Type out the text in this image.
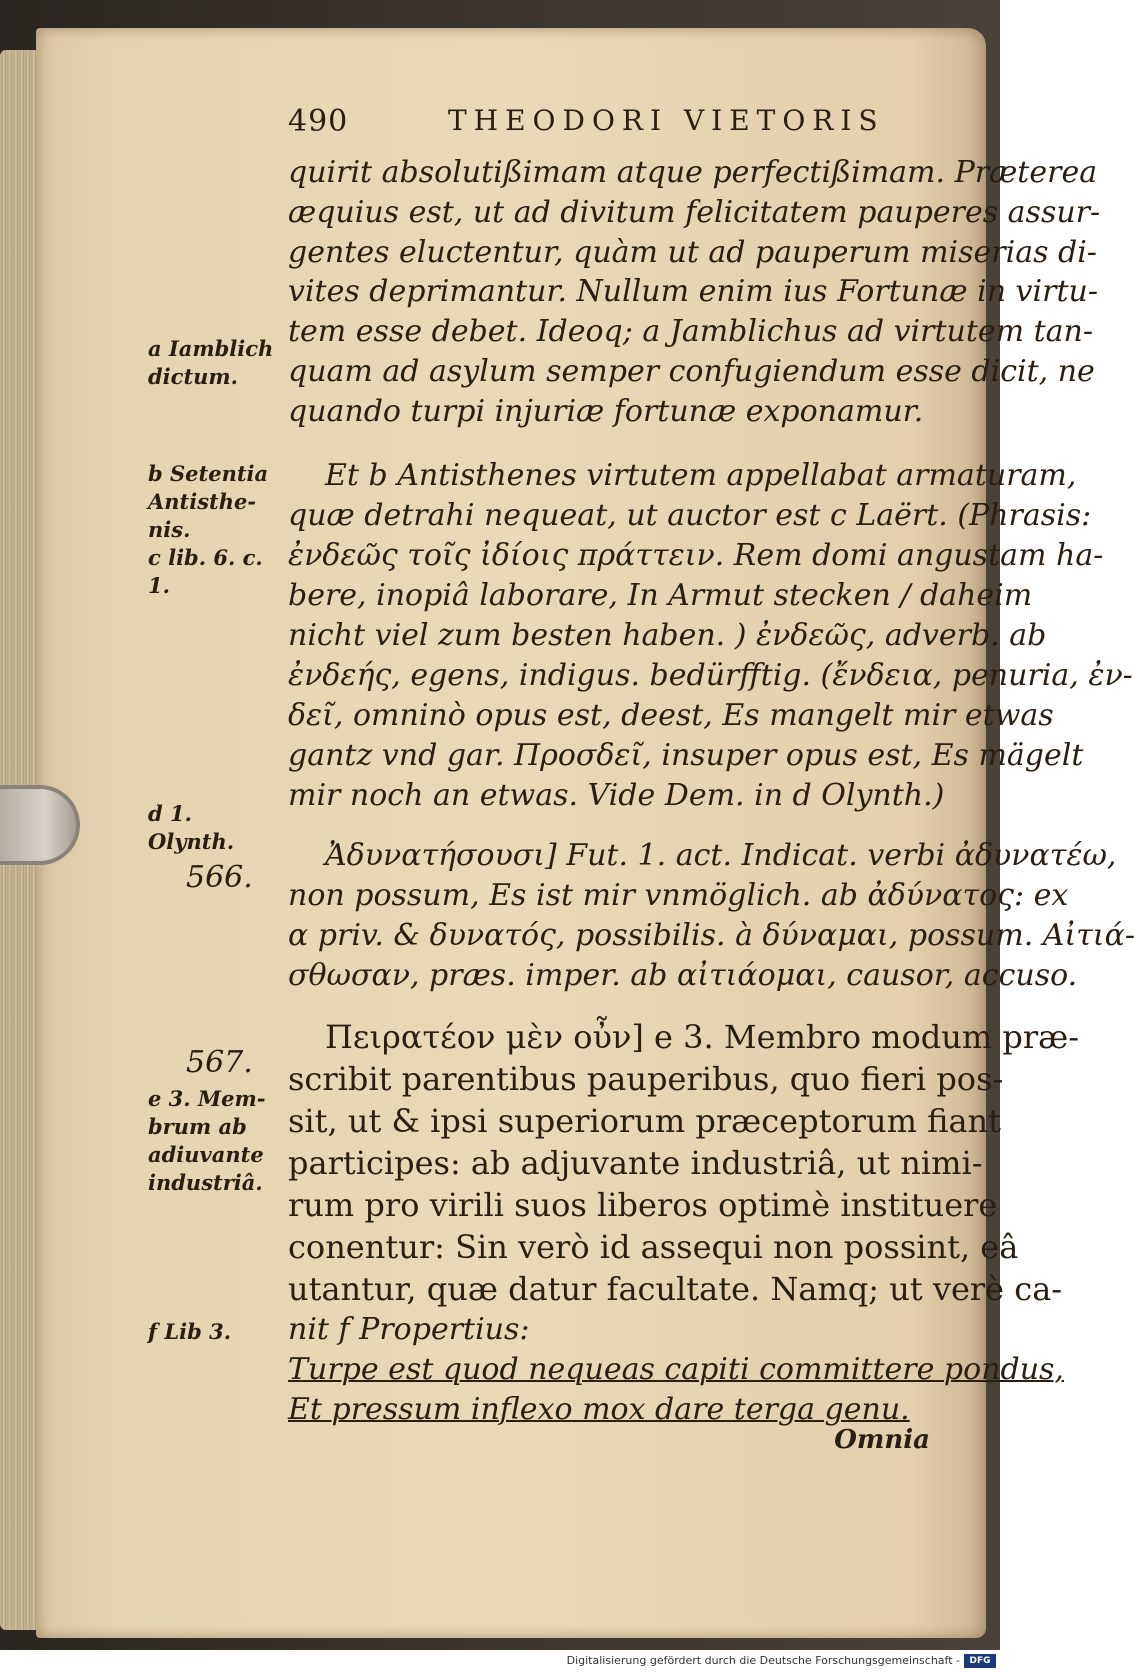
490	THEODORI VIETORIS
quirit absolutißimam atque perfectißimam. Præterea
æquius est, ut ad divitum felicitatem pauperes assur-
gentes eluctentur, quàm ut ad pauperum miserias di-
vites deprimantur. Nullum enim ius Fortunæ in virtu-
tem esse debet. Ideoq; a Jamblichus ad virtutem tan-
quam ad asylum semper confugiendum esse dicit, ne
quando turpi injuriæ fortunæ exponamur.
Et b Antisthenes virtutem appellabat armaturam,
quæ detrahi nequeat, ut auctor est c Laërt. (Phrasis:
ἐνδεῶς τοῖς ἰδίοις πράττειν. Rem domi angustam ha-
bere, inopiâ laborare, In Armut stecken / daheim
nicht viel zum besten haben. ) ἐνδεῶς, adverb. ab
ἐνδεής, egens, indigus. bedürfftig. (ἔνδεια, penuria, ἐν-
δεῖ, omninò opus est, deest, Es mangelt mir etwas
gantz vnd gar. Προσδεῖ, insuper opus est, Es mägelt
mir noch an etwas. Vide Dem. in d Olynth.)
Ἀδυνατήσουσι] Fut. 1. act. Indicat. verbi ἀδυνατέω,
non possum, Es ist mir vnmöglich. ab ἀδύνατος: ex
α priv. & δυνατός, possibilis. à δύναμαι, possum. Αἰτιά-
σθωσαν, præs. imper. ab αἰτιάομαι, causor, accuso.
Πειρατέον μὲν οὖν] e 3. Membro modum præ-
scribit parentibus pauperibus, quo fieri pos-
sit, ut & ipsi superiorum præceptorum fiant
participes: ab adjuvante industriâ, ut nimi-
rum pro virili suos liberos optimè instituere
conentur: Sin verò id assequi non possint, eâ
utantur, quæ datur facultate. Namq; ut verè ca-
nit f Propertius:
Turpe est quod nequeas capiti committere pondus,
Et pressum inflexo mox dare terga genu.
a Iamblich
dictum.
b Setentia
Antisthe-
nis.
c lib. 6. c. 1.
d 1. Olynth.
e 3. Mem-
brum ab
adiuvante
industriâ.
f Lib 3.
566.
567.
Omnia
Digitalisierung gefördert durch die Deutsche Forschungsgemeinschaft -	DFG
